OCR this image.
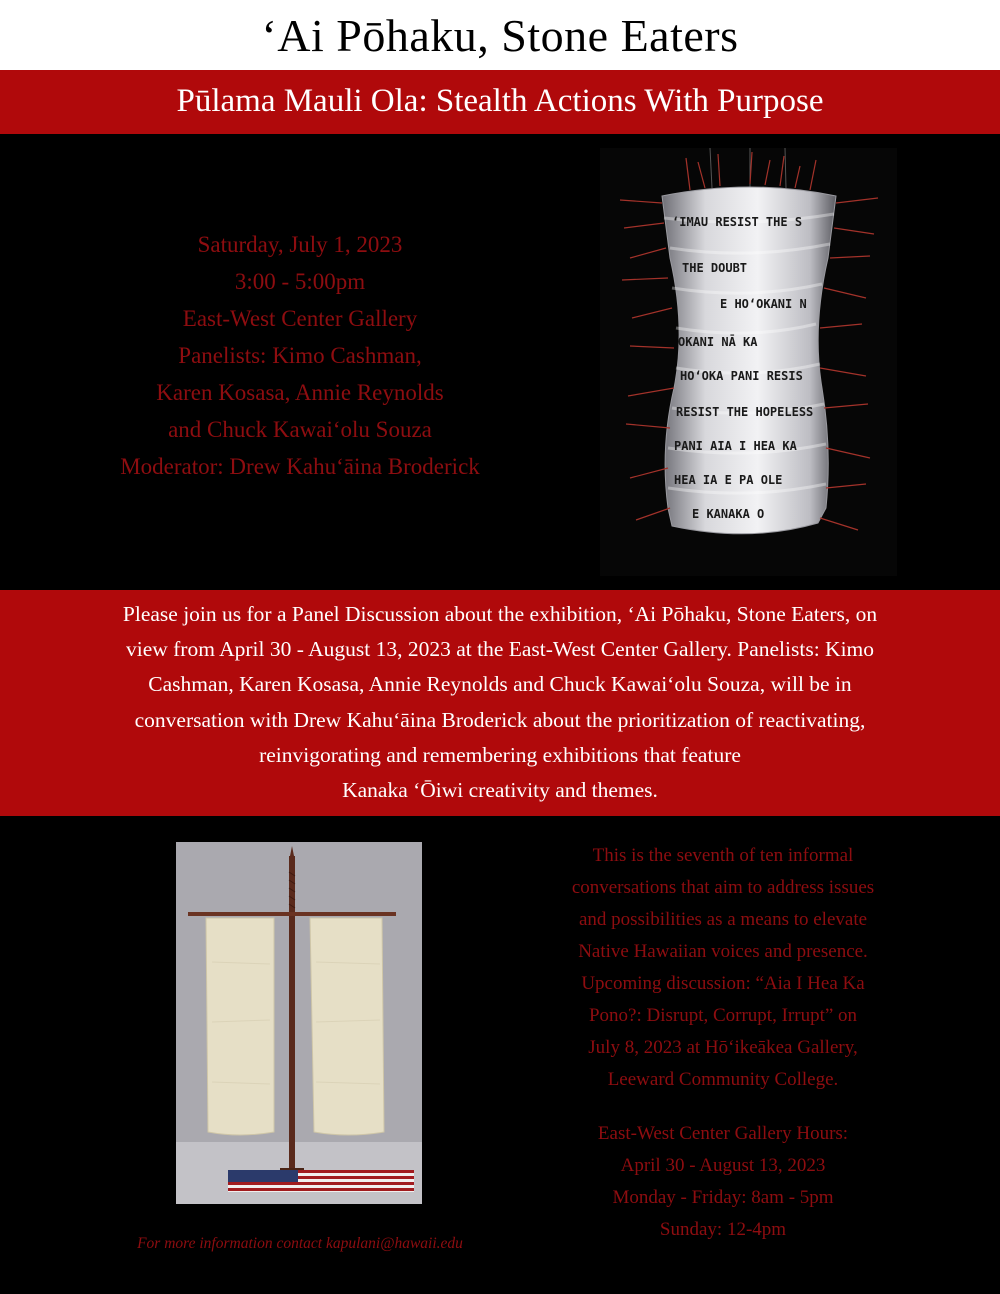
ʻAi Pōhaku, Stone Eaters
Pūlama Mauli Ola: Stealth Actions With Purpose
Saturday, July 1, 2023
3:00 - 5:00pm
East-West Center Gallery
Panelists: Kimo Cashman,
Karen Kosasa, Annie Reynolds
and Chuck Kawaiʻolu Souza
Moderator: Drew Kahuʻāina Broderick
ʻIMAU RESIST THE S
THE DOUBT
E HOʻOKANI N
OKANI NĀ KA
HOʻOKA PANI RESIS
RESIST THE HOPELESS
PANI AIA I HEA KA
HEA IA E PA OLE
E KANAKA O
Please join us for a Panel Discussion about the exhibition, ʻAi Pōhaku, Stone Eaters, on
view from April 30 - August 13, 2023 at the East-West Center Gallery. Panelists: Kimo
Cashman, Karen Kosasa, Annie Reynolds and Chuck Kawaiʻolu Souza, will be in
conversation with Drew Kahuʻāina Broderick about the prioritization of reactivating,
reinvigorating and remembering exhibitions that feature
Kanaka ʻŌiwi creativity and themes.
This is the seventh of ten informal
conversations that aim to address issues
and possibilities as a means to elevate
Native Hawaiian voices and presence.
Upcoming discussion: “Aia I Hea Ka
Pono?: Disrupt, Corrupt, Irrupt” on
July 8, 2023 at Hōʻikeākea Gallery,
Leeward Community College.
East-West Center Gallery Hours:
April 30 - August 13, 2023
Monday - Friday: 8am - 5pm
Sunday: 12-4pm
For more information contact kapulani@hawaii.edu
